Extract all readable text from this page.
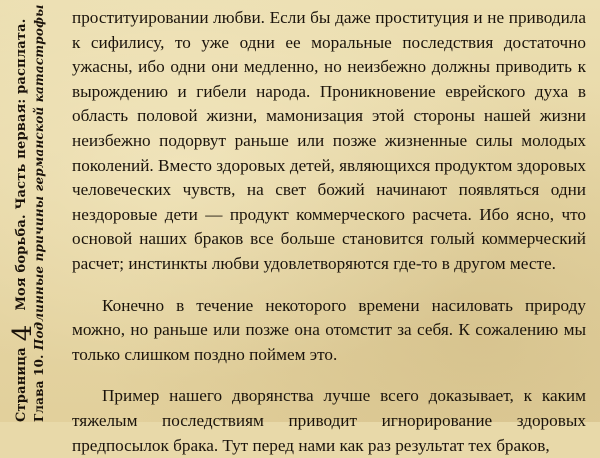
Страница4Моя борьба. Часть первая: расплата.
Глава 10. Подлинные причины германской катастрофы проституировании любви. Если бы даже проституция и не приводила к сифилису, то уже одни ее моральные последствия достаточно ужасны, ибо одни они медленно, но неизбежно должны приводить к вырождению и гибели народа. Проникновение еврейского духа в область половой жизни, мамонизация этой стороны нашей жизни неизбежно подорвут раньше или позже жизненные силы молодых поколений. Вместо здоровых детей, являющихся продуктом здоровых человеческих чувств, на свет божий начинают появляться одни нездоровые дети — продукт коммерческого расчета. Ибо ясно, что основой наших браков все больше становится голый коммерческий расчет; инстинкты любви удовлетворяются где-то в другом месте.

Конечно в течение некоторого времени насиловать природу можно, но раньше или позже она отомстит за себя. К сожалению мы только слишком поздно поймем это.

Пример нашего дворянства лучше всего доказывает, к каким тяжелым последствиям приводит игнорирование здоровых предпосылок брака. Тут перед нами как раз результат тех браков,
